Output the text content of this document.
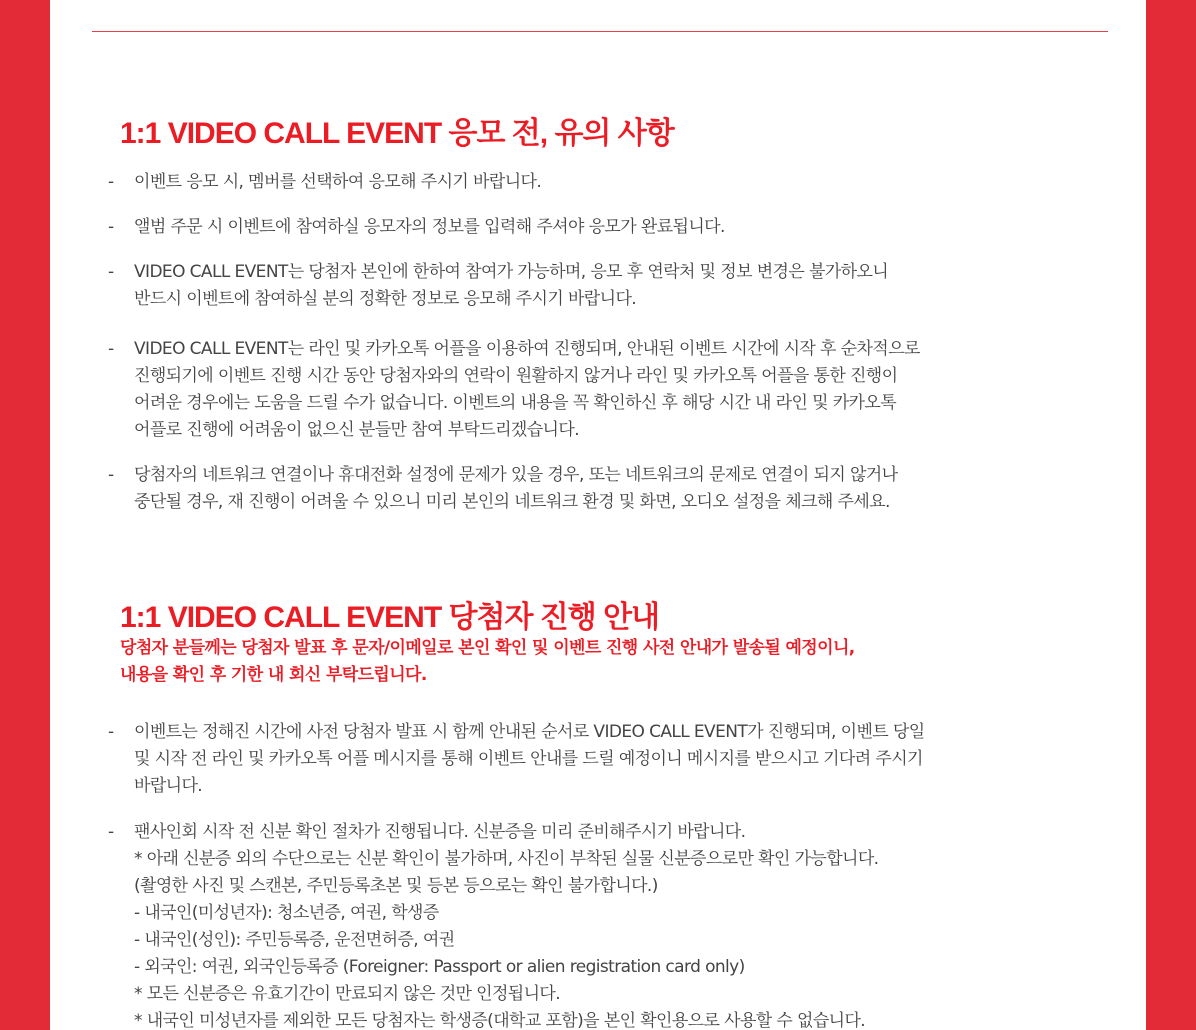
1:1 VIDEO CALL EVENT 응모 전, 유의 사항
- 이벤트 응모 시, 멤버를 선택하여 응모해 주시기 바랍니다.
- 앨범 주문 시 이벤트에 참여하실 응모자의 정보를 입력해 주셔야 응모가 완료됩니다.
- VIDEO CALL EVENT는 당첨자 본인에 한하여 참여가 가능하며, 응모 후 연락처 및 정보 변경은 불가하오니
반드시 이벤트에 참여하실 분의 정확한 정보로 응모해 주시기 바랍니다.
- VIDEO CALL EVENT는 라인 및 카카오톡 어플을 이용하여 진행되며, 안내된 이벤트 시간에 시작 후 순차적으로
진행되기에 이벤트 진행 시간 동안 당첨자와의 연락이 원활하지 않거나 라인 및 카카오톡 어플을 통한 진행이
어려운 경우에는 도움을 드릴 수가 없습니다. 이벤트의 내용을 꼭 확인하신 후 해당 시간 내 라인 및 카카오톡
어플로 진행에 어려움이 없으신 분들만 참여 부탁드리겠습니다.
- 당첨자의 네트워크 연결이나 휴대전화 설정에 문제가 있을 경우, 또는 네트워크의 문제로 연결이 되지 않거나
중단될 경우, 재 진행이 어려울 수 있으니 미리 본인의 네트워크 환경 및 화면, 오디오 설정을 체크해 주세요.
1:1 VIDEO CALL EVENT 당첨자 진행 안내
당첨자 분들께는 당첨자 발표 후 문자/이메일로 본인 확인 및 이벤트 진행 사전 안내가 발송될 예정이니,
내용을 확인 후 기한 내 회신 부탁드립니다.
- 이벤트는 정해진 시간에 사전 당첨자 발표 시 함께 안내된 순서로 VIDEO CALL EVENT가 진행되며, 이벤트 당일
및 시작 전 라인 및 카카오톡 어플 메시지를 통해 이벤트 안내를 드릴 예정이니 메시지를 받으시고 기다려 주시기
바랍니다.
- 팬사인회 시작 전 신분 확인 절차가 진행됩니다. 신분증을 미리 준비해주시기 바랍니다.
* 아래 신분증 외의 수단으로는 신분 확인이 불가하며, 사진이 부착된 실물 신분증으로만 확인 가능합니다.
(촬영한 사진 및 스캔본, 주민등록초본 및 등본 등으로는 확인 불가합니다.)
- 내국인(미성년자): 청소년증, 여권, 학생증
- 내국인(성인): 주민등록증, 운전면허증, 여권
- 외국인: 여권, 외국인등록증 (Foreigner: Passport or alien registration card only)
* 모든 신분증은 유효기간이 만료되지 않은 것만 인정됩니다.
* 내국인 미성년자를 제외한 모든 당첨자는 학생증(대학교 포함)을 본인 확인용으로 사용할 수 없습니다.
